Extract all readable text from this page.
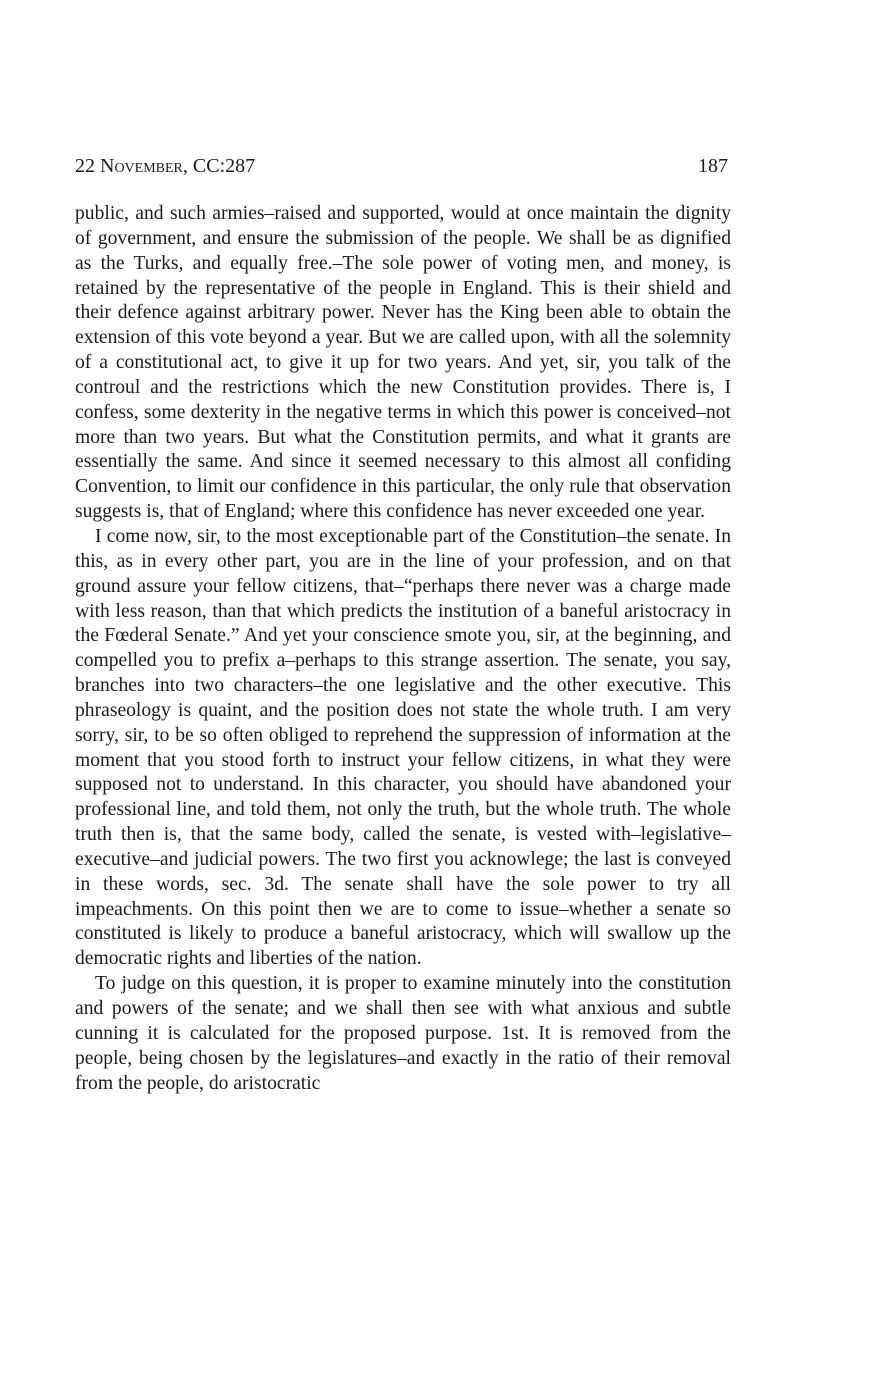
22 November, CC:287	187

public, and such armies–raised and supported, would at once maintain the dignity of government, and ensure the submission of the people. We shall be as dignified as the Turks, and equally free.–The sole power of voting men, and money, is retained by the representative of the people in England. This is their shield and their defence against arbitrary power. Never has the King been able to obtain the extension of this vote beyond a year. But we are called upon, with all the solemnity of a constitutional act, to give it up for two years. And yet, sir, you talk of the controul and the restrictions which the new Constitution provides. There is, I confess, some dexterity in the negative terms in which this power is conceived–not more than two years. But what the Constitution permits, and what it grants are essentially the same. And since it seemed necessary to this almost all confiding Convention, to limit our confidence in this particular, the only rule that observation suggests is, that of England; where this confidence has never exceeded one year.

I come now, sir, to the most exceptionable part of the Constitution–the senate. In this, as in every other part, you are in the line of your profession, and on that ground assure your fellow citizens, that–“perhaps there never was a charge made with less reason, than that which predicts the institution of a baneful aristocracy in the Fœderal Senate.” And yet your conscience smote you, sir, at the beginning, and compelled you to prefix a–perhaps to this strange assertion. The senate, you say, branches into two characters–the one legislative and the other executive. This phraseology is quaint, and the position does not state the whole truth. I am very sorry, sir, to be so often obliged to reprehend the suppression of information at the moment that you stood forth to instruct your fellow citizens, in what they were supposed not to understand. In this character, you should have abandoned your professional line, and told them, not only the truth, but the whole truth. The whole truth then is, that the same body, called the senate, is vested with–legislative–executive–and judicial powers. The two first you acknowlege; the last is conveyed in these words, sec. 3d. The senate shall have the sole power to try all impeachments. On this point then we are to come to issue–whether a senate so constituted is likely to produce a baneful aristocracy, which will swallow up the democratic rights and liberties of the nation.

To judge on this question, it is proper to examine minutely into the constitution and powers of the senate; and we shall then see with what anxious and subtle cunning it is calculated for the proposed purpose. 1st. It is removed from the people, being chosen by the legislatures–and exactly in the ratio of their removal from the people, do aristocratic
